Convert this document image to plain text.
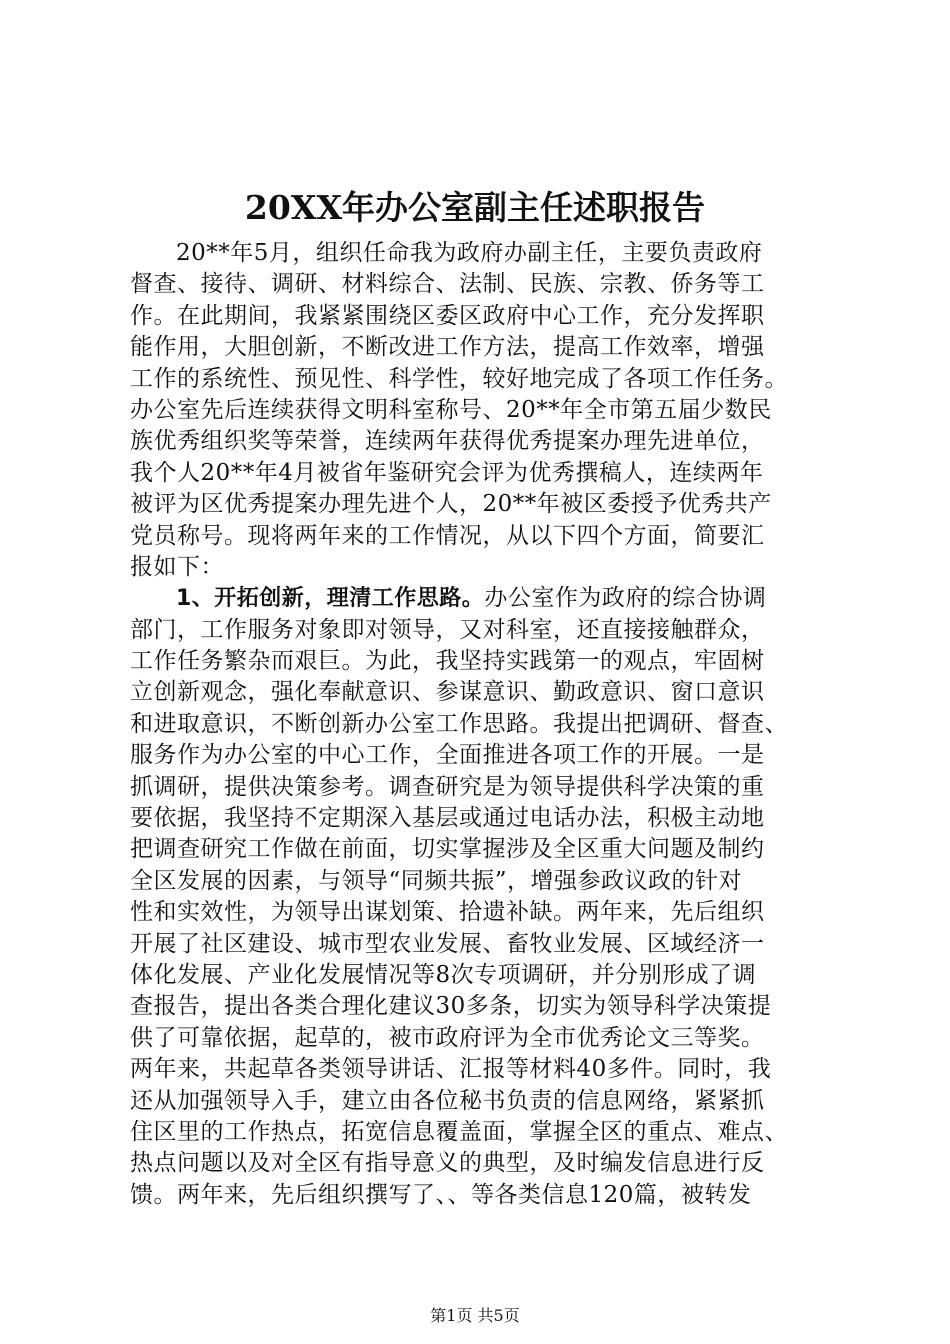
20XX年办公室副主任述职报告
20**年5月，组织任命我为政府办副主任，主要负责政府
督查、接待、调研、材料综合、法制、民族、宗教、侨务等工
作。在此期间，我紧紧围绕区委区政府中心工作，充分发挥职
能作用，大胆创新，不断改进工作方法，提高工作效率，增强
工作的系统性、预见性、科学性，较好地完成了各项工作任务。
办公室先后连续获得文明科室称号、20**年全市第五届少数民
族优秀组织奖等荣誉，连续两年获得优秀提案办理先进单位，
我个人20**年4月被省年鉴研究会评为优秀撰稿人，连续两年
被评为区优秀提案办理先进个人，20**年被区委授予优秀共产
党员称号。现将两年来的工作情况，从以下四个方面，简要汇
报如下：
1、开拓创新，理清工作思路。办公室作为政府的综合协调
部门，工作服务对象即对领导，又对科室，还直接接触群众，
工作任务繁杂而艰巨。为此，我坚持实践第一的观点，牢固树
立创新观念，强化奉献意识、参谋意识、勤政意识、窗口意识
和进取意识，不断创新办公室工作思路。我提出把调研、督查、
服务作为办公室的中心工作，全面推进各项工作的开展。一是
抓调研，提供决策参考。调查研究是为领导提供科学决策的重
要依据，我坚持不定期深入基层或通过电话办法，积极主动地
把调查研究工作做在前面，切实掌握涉及全区重大问题及制约
全区发展的因素，与领导“同频共振”，增强参政议政的针对
性和实效性，为领导出谋划策、拾遗补缺。两年来，先后组织
开展了社区建设、城市型农业发展、畜牧业发展、区域经济一
体化发展、产业化发展情况等8次专项调研，并分别形成了调
查报告，提出各类合理化建议30多条，切实为领导科学决策提
供了可靠依据，起草的，被市政府评为全市优秀论文三等奖。
两年来，共起草各类领导讲话、汇报等材料40多件。同时，我
还从加强领导入手，建立由各位秘书负责的信息网络，紧紧抓
住区里的工作热点，拓宽信息覆盖面，掌握全区的重点、难点、
热点问题以及对全区有指导意义的典型，及时编发信息进行反
馈。两年来，先后组织撰写了、、等各类信息120篇，被转发
第1页 共5页
